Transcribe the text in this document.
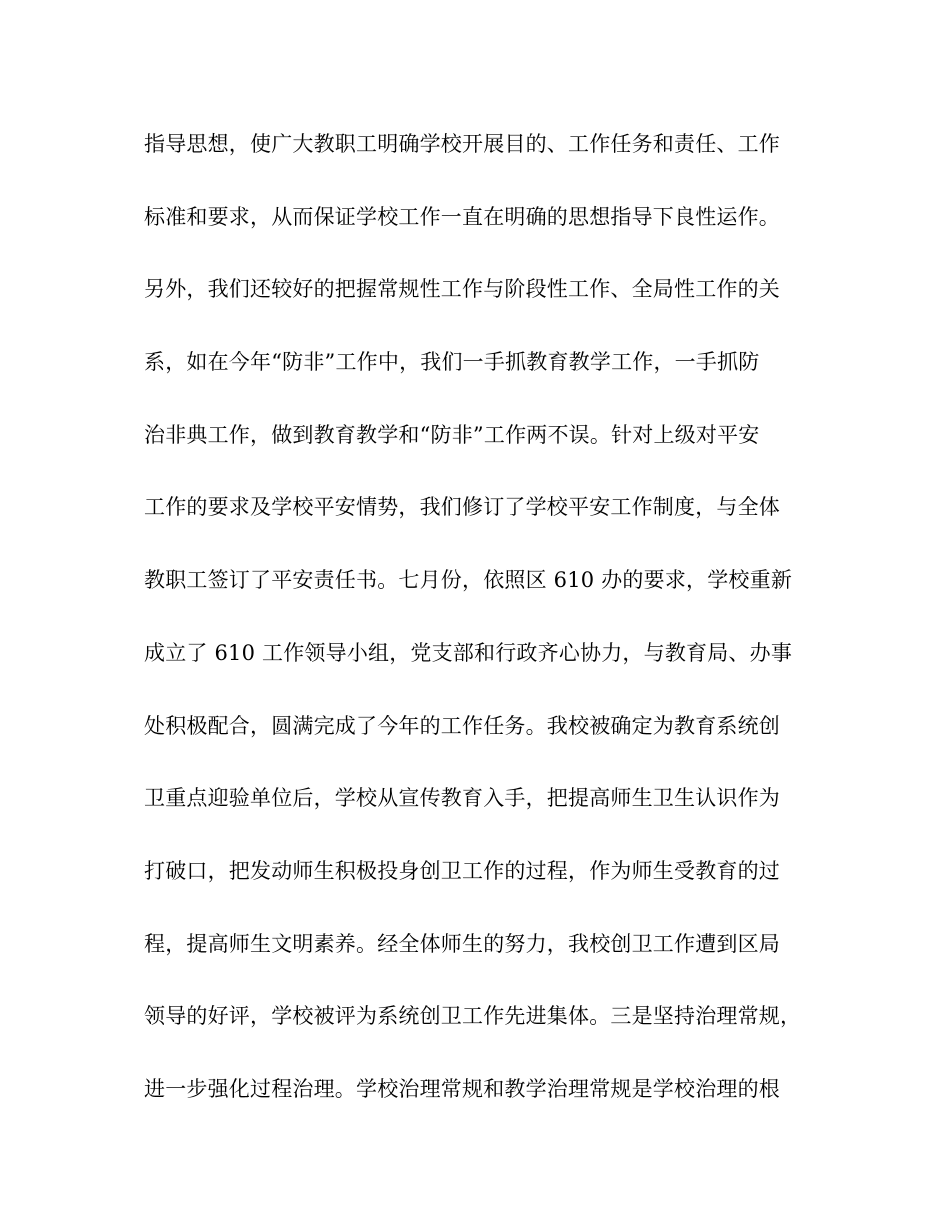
指导思想，使广大教职工明确学校开展目的、工作任务和责任、工作
标准和要求，从而保证学校工作一直在明确的思想指导下良性运作。
另外，我们还较好的把握常规性工作与阶段性工作、全局性工作的关
系，如在今年“防非”工作中，我们一手抓教育教学工作，一手抓防
治非典工作，做到教育教学和“防非”工作两不误。针对上级对平安
工作的要求及学校平安情势，我们修订了学校平安工作制度，与全体
教职工签订了平安责任书。七月份，依照区 610 办的要求，学校重新
成立了 610 工作领导小组，党支部和行政齐心协力，与教育局、办事
处积极配合，圆满完成了今年的工作任务。我校被确定为教育系统创
卫重点迎验单位后，学校从宣传教育入手，把提高师生卫生认识作为
打破口，把发动师生积极投身创卫工作的过程，作为师生受教育的过
程，提高师生文明素养。经全体师生的努力，我校创卫工作遭到区局
领导的好评，学校被评为系统创卫工作先进集体。三是坚持治理常规，
进一步强化过程治理。学校治理常规和教学治理常规是学校治理的根
